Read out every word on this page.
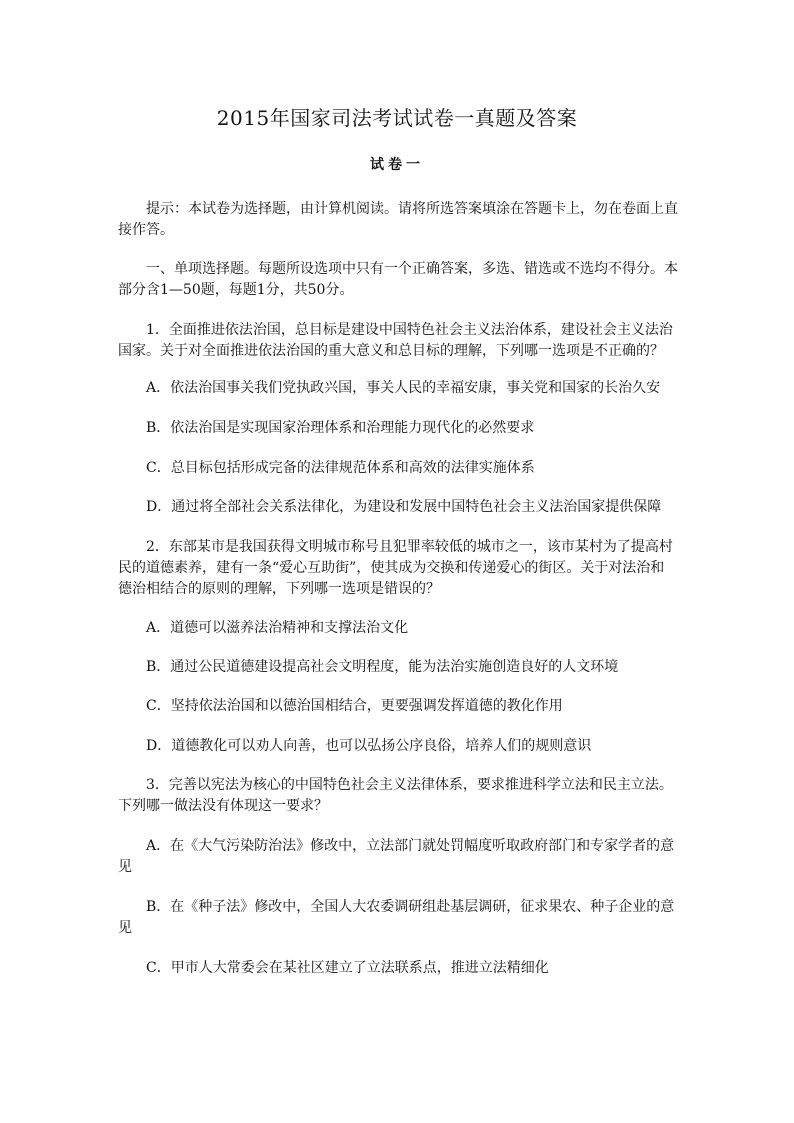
2015年国家司法考试试卷一真题及答案
试卷一

提示：本试卷为选择题，由计算机阅读。请将所选答案填涂在答题卡上，勿在卷面上直接作答。

一、单项选择题。每题所设选项中只有一个正确答案，多选、错选或不选均不得分。本部分含1—50题，每题1分，共50分。

1．全面推进依法治国，总目标是建设中国特色社会主义法治体系，建设社会主义法治国家。关于对全面推进依法治国的重大意义和总目标的理解，下列哪一选项是不正确的？

A．依法治国事关我们党执政兴国，事关人民的幸福安康，事关党和国家的长治久安

B．依法治国是实现国家治理体系和治理能力现代化的必然要求

C．总目标包括形成完备的法律规范体系和高效的法律实施体系

D．通过将全部社会关系法律化，为建设和发展中国特色社会主义法治国家提供保障

2．东部某市是我国获得文明城市称号且犯罪率较低的城市之一，该市某村为了提高村民的道德素养，建有一条“爱心互助街”，使其成为交换和传递爱心的街区。关于对法治和德治相结合的原则的理解，下列哪一选项是错误的？

A．道德可以滋养法治精神和支撑法治文化

B．通过公民道德建设提高社会文明程度，能为法治实施创造良好的人文环境

C．坚持依法治国和以德治国相结合，更要强调发挥道德的教化作用

D．道德教化可以劝人向善，也可以弘扬公序良俗，培养人们的规则意识

3．完善以宪法为核心的中国特色社会主义法律体系，要求推进科学立法和民主立法。下列哪一做法没有体现这一要求？

A．在《大气污染防治法》修改中，立法部门就处罚幅度听取政府部门和专家学者的意见

B．在《种子法》修改中，全国人大农委调研组赴基层调研，征求果农、种子企业的意见

C．甲市人大常委会在某社区建立了立法联系点，推进立法精细化
